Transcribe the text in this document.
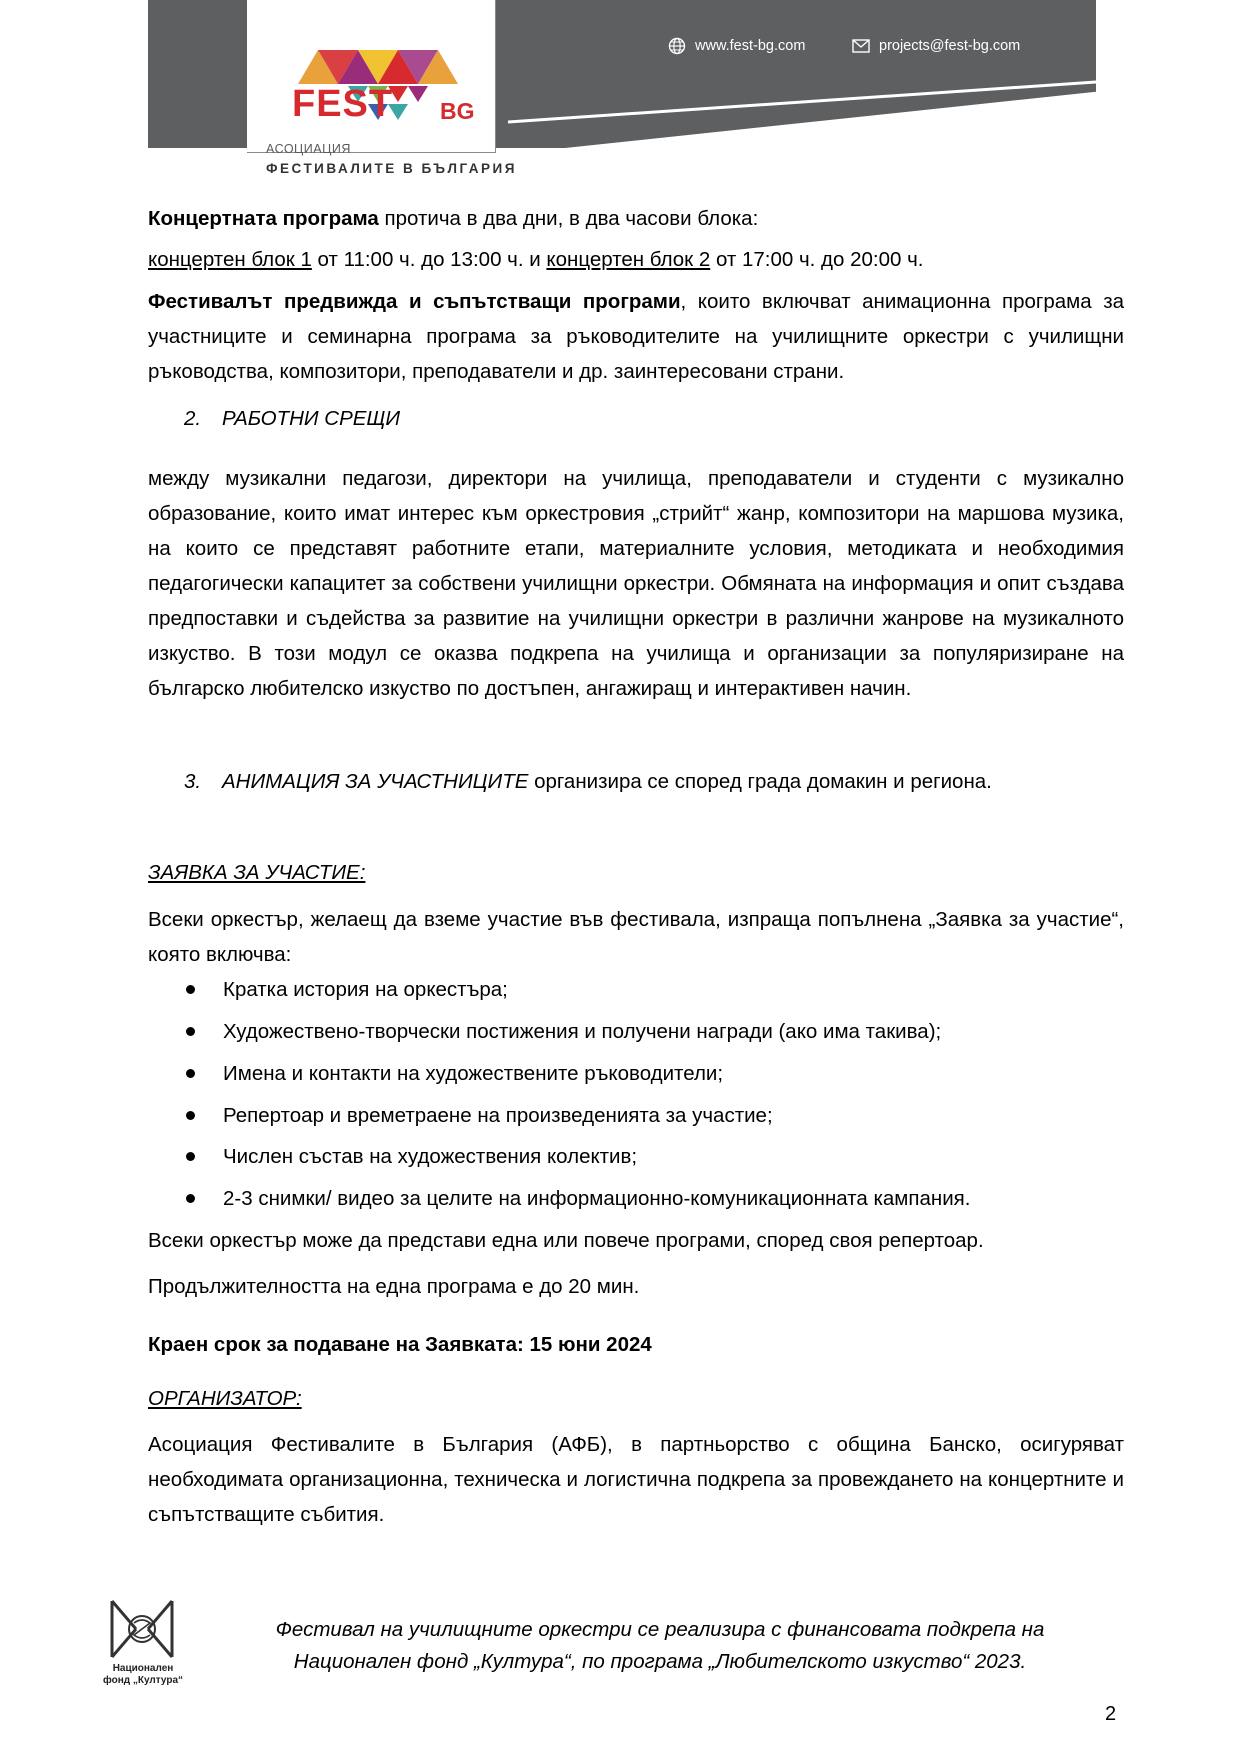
FEST BG
АСОЦИАЦИЯ
ФЕСТИВАЛИТЕ В БЪЛГАРИЯ
www.fest-bg.com	projects@fest-bg.com

Концертната програма протича в два дни, в два часови блока:

концертен блок 1 от 11:00 ч. до 13:00 ч. и концертен блок 2 от 17:00 ч. до 20:00 ч.

Фестивалът предвижда и съпътстващи програми, които включват анимационна програма за участниците и семинарна програма за ръководителите на училищните оркестри с училищни ръководства, композитори, преподаватели и др. заинтересовани страни.

2. РАБОТНИ СРЕЩИ

между музикални педагози, директори на училища, преподаватели и студенти с музикално образование, които имат интерес към оркестровия „стрийт“ жанр, композитори на маршова музика, на които се представят работните етапи, материалните условия, методиката и необходимия педагогически капацитет за собствени училищни оркестри. Обмяната на информация и опит създава предпоставки и съдейства за развитие на училищни оркестри в различни жанрове на музикалното изкуство. В този модул се оказва подкрепа на училища и организации за популяризиране на българско любителско изкуство по достъпен, ангажиращ и интерактивен начин.

3. АНИМАЦИЯ ЗА УЧАСТНИЦИТЕ организира се според града домакин и региона.

ЗАЯВКА ЗА УЧАСТИЕ:

Всеки оркестър, желаещ да вземе участие във фестивала, изпраща попълнена „Заявка за участие“, която включва:

Кратка история на оркестъра;
Художествено-творчески постижения и получени награди (ако има такива);
Имена и контакти на художествените ръководители;
Репертоар и времетраене на произведенията за участие;
Числен състав на художествения колектив;
2-3 снимки/ видео за целите на информационно-комуникационната кампания.

Всеки оркестър може да представи една или повече програми, според своя репертоар.

Продължителността на една програма е до 20 мин.

Краен срок за подаване на Заявката: 15 юни 2024

ОРГАНИЗАТОР:

Асоциация Фестивалите в България (АФБ), в партньорство с община Банско, осигуряват необходимата организационна, техническа и логистична подкрепа за провеждането на концертните и съпътстващите събития.

Национален фонд „Култура“
Фестивал на училищните оркестри се реализира с финансовата подкрепа на
Национален фонд „Култура“, по програма „Любителското изкуство“ 2023.
2
